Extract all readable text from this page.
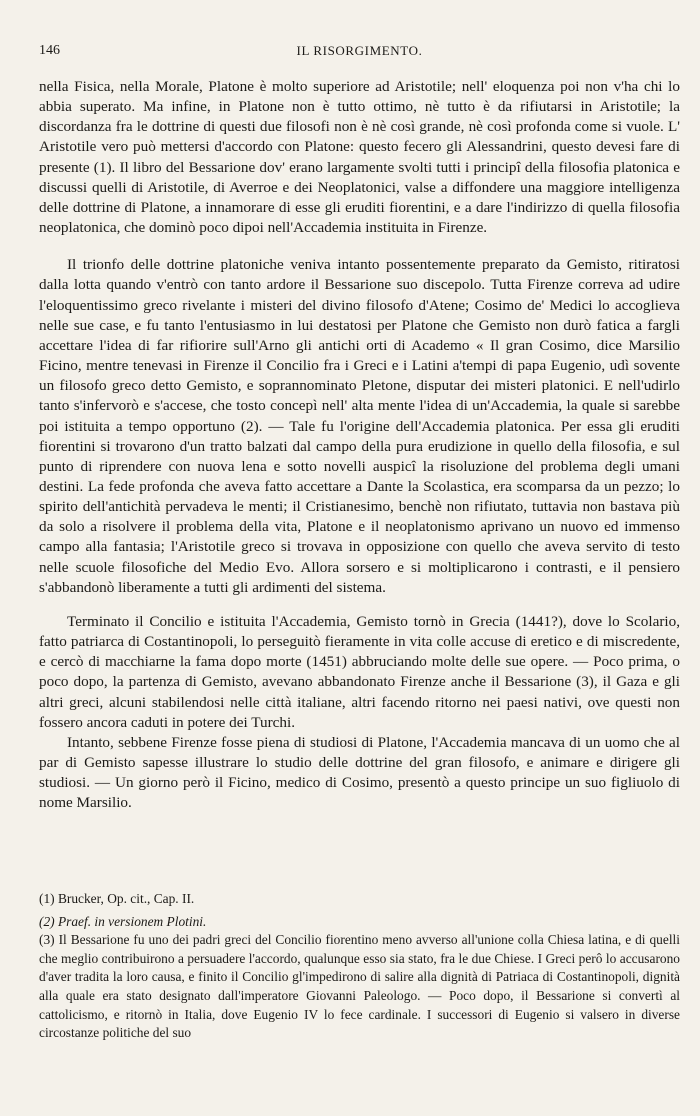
146	IL RISORGIMENTO.

nella Fisica, nella Morale, Platone è molto superiore ad Aristotile; nell' eloquenza poi non v'ha chi lo abbia superato. Ma infine, in Platone non è tutto ottimo, nè tutto è da rifiutarsi in Aristotile; la discordanza fra le dottrine di questi due filosofi non è nè così grande, nè così profonda come si vuole. L' Aristotile vero può mettersi d'accordo con Platone: questo fecero gli Alessandrini, questo devesi fare di presente (1). Il libro del Bessarione dov' erano largamente svolti tutti i principî della filosofia platonica e discussi quelli di Aristotile, di Averroe e dei Neoplatonici, valse a diffondere una maggiore intelligenza delle dottrine di Platone, a innamorare di esse gli eruditi fiorentini, e a dare l'indirizzo di quella filosofia neoplatonica, che dominò poco dipoi nell'Accademia instituita in Firenze.

Il trionfo delle dottrine platoniche veniva intanto possentemente preparato da Gemisto, ritiratosi dalla lotta quando v'entrò con tanto ardore il Bessarione suo discepolo. Tutta Firenze correva ad udire l'eloquentissimo greco rivelante i misteri del divino filosofo d'Atene; Cosimo de' Medici lo accoglieva nelle sue case, e fu tanto l'entusiasmo in lui destatosi per Platone che Gemisto non durò fatica a fargli accettare l'idea di far rifiorire sull'Arno gli antichi orti di Academo « Il gran Cosimo, dice Marsilio Ficino, mentre tenevasi in Firenze il Concilio fra i Greci e i Latini a'tempi di papa Eugenio, udì sovente un filosofo greco detto Gemisto, e soprannominato Pletone, disputar dei misteri platonici. E nell'udirlo tanto s'infervorò e s'accese, che tosto concepì nell' alta mente l'idea di un'Accademia, la quale si sarebbe poi istituita a tempo opportuno (2). — Tale fu l'origine dell'Accademia platonica. Per essa gli eruditi fiorentini si trovarono d'un tratto balzati dal campo della pura erudizione in quello della filosofia, e sul punto di riprendere con nuova lena e sotto novelli auspicî la risoluzione del problema degli umani destini. La fede profonda che aveva fatto accettare a Dante la Scolastica, era scomparsa da un pezzo; lo spirito dell'antichità pervadeva le menti; il Cristianesimo, benchè non rifiutato, tuttavia non bastava più da solo a risolvere il problema della vita, Platone e il neoplatonismo aprivano un nuovo ed immenso campo alla fantasia; l'Aristotile greco si trovava in opposizione con quello che aveva servito di testo nelle scuole filosofiche del Medio Evo. Allora sorsero e si moltiplicarono i contrasti, e il pensiero s'abbandonò liberamente a tutti gli ardimenti del sistema.

Terminato il Concilio e istituita l'Accademia, Gemisto tornò in Grecia (1441?), dove lo Scolario, fatto patriarca di Costantinopoli, lo perseguitò fieramente in vita colle accuse di eretico e di miscredente, e cercò di macchiarne la fama dopo morte (1451) abbruciando molte delle sue opere. — Poco prima, o poco dopo, la partenza di Gemisto, avevano abbandonato Firenze anche il Bessarione (3), il Gaza e gli altri greci, alcuni stabilendosi nelle città italiane, altri facendo ritorno nei paesi nativi, ove questi non fossero ancora caduti in potere dei Turchi.

Intanto, sebbene Firenze fosse piena di studiosi di Platone, l'Accademia mancava di un uomo che al par di Gemisto sapesse illustrare lo studio delle dottrine del gran filosofo, e animare e dirigere gli studiosi. — Un giorno però il Ficino, medico di Cosimo, presentò a questo principe un suo figliuolo di nome Marsilio.

(1) Brucker, Op. cit., Cap. II.

(2) Praef. in versionem Plotini.

(3) Il Bessarione fu uno dei padri greci del Concilio fiorentino meno avverso all'unione colla Chiesa latina, e di quelli che meglio contribuirono a persuadere l'accordo, qualunque esso sia stato, fra le due Chiese. I Greci perô lo accusarono d'aver tradita la loro causa, e finito il Concilio gl'impedirono di salire alla dignità di Patriaca di Costantinopoli, dignità alla quale era stato designato dall'imperatore Giovanni Paleologo. — Poco dopo, il Bessarione si convertì al cattolicismo, e ritornò in Italia, dove Eugenio IV lo fece cardinale. I successori di Eugenio si valsero in diverse circostanze politiche del suo
